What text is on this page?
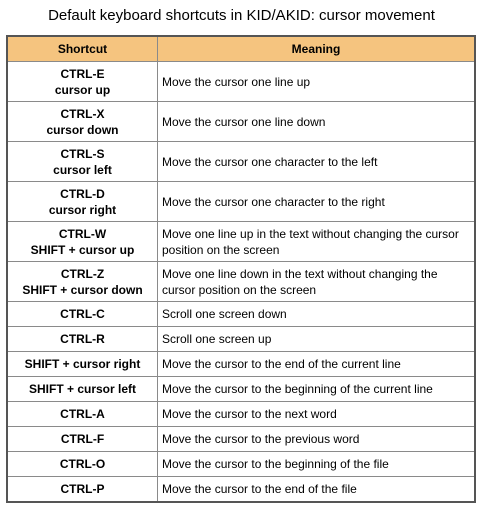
Default keyboard shortcuts in KID/AKID: cursor movement
Shortcut	Meaning

CTRL-E
cursor up	Move the cursor one line up

CTRL-X
cursor down	Move the cursor one line down

CTRL-S
cursor left	Move the cursor one character to the left

CTRL-D
cursor right	Move the cursor one character to the right

CTRL-W
SHIFT + cursor up	Move one line up in the text without changing the cursor
position on the screen

CTRL-Z
SHIFT + cursor down	Move one line down in the text without changing the
cursor position on the screen

CTRL-C	Scroll one screen down

CTRL-R	Scroll one screen up

SHIFT + cursor right	Move the cursor to the end of the current line

SHIFT + cursor left	Move the cursor to the beginning of the current line

CTRL-A	Move the cursor to the next word

CTRL-F	Move the cursor to the previous word

CTRL-O	Move the cursor to the beginning of the file

CTRL-P	Move the cursor to the end of the file
